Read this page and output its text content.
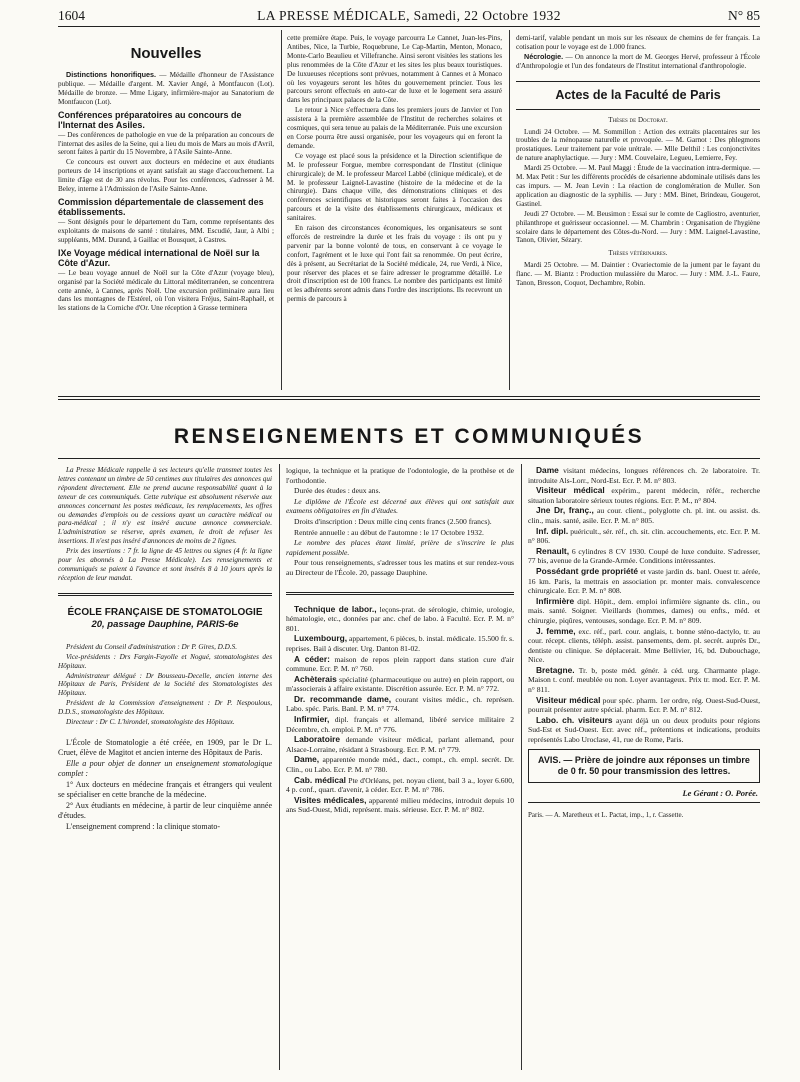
1604	LA PRESSE MÉDICALE, Samedi, 22 Octobre 1932	N° 85
Nouvelles

Distinctions honorifiques. — Médaille d'honneur de l'Assistance publique. — Médaille d'argent. M. Xavier Angé, à Montfaucon (Lot). Médaille de bronze. — Mme Ligary, infirmière-major au Sanatorium de Montfaucon (Lot).

Conférences préparatoires au concours de l'Internat des Asiles.

— Des conférences de pathologie en vue de la préparation au concours de l'internat des asiles de la Seine, qui a lieu du mois de Mars au mois d'Avril, seront faites à partir du 15 Novembre, à l'Asile Sainte-Anne.

Ce concours est ouvert aux docteurs en médecine et aux étudiants porteurs de 14 inscriptions et ayant satisfait au stage d'accouchement. La limite d'âge est de 30 ans révolus. Pour les conférences, s'adresser à M. Beley, interne à l'Admission de l'Asile Sainte-Anne.

Commission départementale de classement des établissements.

— Sont désignés pour le département du Tarn, comme représentants des exploitants de maisons de santé : titulaires, MM. Escudié, Jaur, à Albi ; suppléants, MM. Durand, à Gaillac et Bousquet, à Castres.

IXe Voyage médical international de Noël sur la Côte d'Azur.

— Le beau voyage annuel de Noël sur la Côte d'Azur (voyage bleu), organisé par la Société médicale du Littoral méditerranéen, se concentrera cette année, à Cannes, après Noël. Une excursion préliminaire aura lieu dans les montagnes de l'Estérel, où l'on visitera Fréjus, Saint-Raphaël, et les stations de la Corniche d'Or. Une réception à Grasse terminera

cette première étape. Puis, le voyage parcourra Le Cannet, Juan-les-Pins, Antibes, Nice, la Turbie, Roquebrune, Le Cap-Martin, Menton, Monaco, Monte-Carlo Beaulieu et Villefranche. Ainsi seront visitées les stations les plus renommées de la Côte d'Azur et les sites les plus beaux touristiques. De luxueuses réceptions sont prévues, notamment à Cannes et à Monaco où les voyageurs seront les hôtes du gouvernement princier. Tous les parcours seront effectués en auto-car de luxe et le logement sera assuré dans les principaux palaces de la Côte.

Le retour à Nice s'effectuera dans les premiers jours de Janvier et l'on assistera à la première assemblée de l'Institut de recherches solaires et cosmiques, qui sera tenue au palais de la Méditerranée. Puis une excursion en Corse pourra être aussi organisée, pour les voyageurs qui en feront la demande.

Ce voyage est placé sous la présidence et la Direction scientifique de M. le professeur Forgue, membre correspondant de l'Institut (clinique chirurgicale); de M. le professeur Marcel Labbé (clinique médicale), et de M. le professeur Laignel-Lavastine (histoire de la médecine et de la chirurgie). Dans chaque ville, des démonstrations cliniques et des conférences scientifiques et historiques seront faites à l'occasion des parcours et de la visite des établissements chirurgicaux, médicaux et sanitaires.

En raison des circonstances économiques, les organisateurs se sont efforcés de restreindre la durée et les frais du voyage : ils ont pu y parvenir par la bonne volonté de tous, en conservant à ce voyage le confort, l'agrément et le luxe qui l'ont fait sa renommée. On peut écrire, dès à présent, au Secrétariat de la Société médicale, 24, rue Verdi, à Nice, pour réserver des places et se faire adresser le programme détaillé. Le droit d'inscription est de 100 francs. Le nombre des participants est limité et les adhérents seront admis dans l'ordre des inscriptions. Ils recevront un permis de parcours à

demi-tarif, valable pendant un mois sur les réseaux de chemins de fer français. La cotisation pour le voyage est de 1.000 francs.

Nécrologie. — On annonce la mort de M. Georges Hervé, professeur à l'École d'Anthropologie et l'un des fondateurs de l'Institut international d'anthropologie.

Actes de la Faculté de Paris
Thèses de Doctorat.

Lundi 24 Octobre. — M. Sommillon : Action des extraits placentaires sur les troubles de la ménopause naturelle et provoquée. — M. Garnot : Des phlegmons prostatiques. Leur traitement par voie urétrale. — Mlle Delthil : Les conjonctivites de nature anaphylactique. — Jury : MM. Couvelaire, Legueu, Lemierre, Fey.

Mardi 25 Octobre. — M. Paul Maggi : Étude de la vaccination intra-dermique. — M. Max Petit : Sur les différents procédés de césarienne abdominale utilisés dans les cas impurs. — M. Jean Levin : La réaction de conglomération de Muller. Son application au diagnostic de la syphilis. — Jury : MM. Binet, Brindeau, Gougerot, Gastinel.

Jeudi 27 Octobre. — M. Beusimon : Essai sur le comte de Cagliostro, aventurier, philanthrope et guérisseur occasionnel. — M. Chambrin : Organisation de l'hygiène scolaire dans le département des Côtes-du-Nord. — Jury : MM. Laignel-Lavastine, Tanon, Olivier, Sézary.

Thèses vétérinaires.

Mardi 25 Octobre. — M. Daintier : Ovariectomie de la jument par le fayant du flanc. — M. Biantz : Production mulassière du Maroc. — Jury : MM. J.-L. Faure, Tanon, Bresson, Coquot, Dechambre, Robin.

RENSEIGNEMENTS ET COMMUNIQUÉS

La Presse Médicale rappelle à ses lecteurs qu'elle transmet toutes les lettres contenant un timbre de 50 centimes aux titulaires des annonces qui répondent directement. Elle ne prend aucune responsabilité quant à la teneur de ces communiqués. Cette rubrique est absolument réservée aux annonces concernant les postes médicaux, les remplacements, les offres ou demandes d'emplois ou de cessions ayant un caractère médical ou para-médical ; il n'y est inséré aucune annonce commerciale. L'administration se réserve, après examen, le droit de refuser les insertions. Il n'est pas inséré d'annonces de moins de 2 lignes.

Prix des insertions : 7 fr. la ligne de 45 lettres ou signes (4 fr. la ligne pour les abonnés à La Presse Médicale). Les renseignements et communiqués se paient à l'avance et sont insérés 8 à 10 jours après la réception de leur mandat.

ÉCOLE FRANÇAISE DE STOMATOLOGIE
20, passage Dauphine, PARIS-6e

Président du Conseil d'administration : Dr P. Gires, D.D.S.

Vice-présidents : Drs Fargin-Fayolle et Nogué, stomatologistes des Hôpitaux.

Administrateur délégué : Dr Bousseau-Decelle, ancien interne des Hôpitaux de Paris, Président de la Société des Stomatologistes des Hôpitaux.

Président de la Commission d'enseignement : Dr P. Nespoulous, D.D.S., stomatologiste des Hôpitaux.

Directeur : Dr C. L'hirondel, stomatologiste des Hôpitaux.

L'École de Stomatologie a été créée, en 1909, par le Dr L. Cruet, élève de Magitot et ancien interne des Hôpitaux de Paris.

Elle a pour objet de donner un enseignement stomatologique complet :

1° Aux docteurs en médecine français et étrangers qui veulent se spécialiser en cette branche de la médecine.

2° Aux étudiants en médecine, à partir de leur cinquième année d'études.

L'enseignement comprend : la clinique stomato-

logique, la technique et la pratique de l'odontologie, de la prothèse et de l'orthodontie.

Durée des études : deux ans.

Le diplôme de l'École est décerné aux élèves qui ont satisfait aux examens obligatoires en fin d'études.

Droits d'inscription : Deux mille cinq cents francs (2.500 francs).

Rentrée annuelle : au début de l'automne : le 17 Octobre 1932.

Le nombre des places étant limité, prière de s'inscrire le plus rapidement possible.

Pour tous renseignements, s'adresser tous les matins et sur rendez-vous au Directeur de l'École. 20, passage Dauphine.

Technique de labor., leçons-prat. de sérologie, chimie, urologie, hématologie, etc., données par anc. chef de labo. à Faculté. Ecr. P. M. n° 801.

Luxembourg, appartement, 6 pièces, b. instal. médicale. 15.500 fr. s. reprises. Bail à discuter. Urg. Danton 81-02.

A céder: maison de repos plein rapport dans station cure d'air commune. Ecr. P. M. n° 760.

Achèterais spécialité (pharmaceutique ou autre) en plein rapport, ou m'associerais à affaire existante. Discrétion assurée. Ecr. P. M. n° 772.

Dr. recommande dame, courant visites médic., ch. représen. Labo. spéc. Paris. Banl. P. M. n° 774.

Infirmier, dipl. français et allemand, libéré service militaire 2 Décembre, ch. emploi. P. M. n° 776.

Laboratoire demande visiteur médical, parlant allemand, pour Alsace-Lorraine, résidant à Strasbourg. Ecr. P. M. n° 779.

Dame, apparentée monde méd., dact., compt., ch. empl. secrét. Dr. Clin., ou Labo. Ecr. P. M. n° 780.

Cab. médical Pte d'Orléans, pet. noyau client, bail 3 a., loyer 6.600, 4 p. conf., quart. d'avenir, à céder. Ecr. P. M. n° 786.

Visites médicales, apparenté milieu médecins, introduit depuis 10 ans Sud-Ouest, Midi, représent. mais. sérieuse. Ecr. P. M. n° 802.

Dame visitant médecins, longues références ch. 2e laboratoire. Tr. introduite Als-Lorr., Nord-Est. Ecr. P. M. n° 803.

Visiteur médical expérim., parent médecin, référ., recherche situation laboratoire sérieux toutes régions. Ecr. P. M., n° 804.

Jne Dr, franç., au cour. client., polyglotte ch. pl. int. ou assist. ds. clin., mais. santé, asile. Ecr. P. M. n° 805.

Inf. dipl. puéricult., sér. réf., ch. sit. clin. accouchements, etc. Ecr. P. M. n° 806.

Renault, 6 cylindres 8 CV 1930. Coupé de luxe conduite. S'adresser, 77 bis, avenue de la Grande-Armée. Conditions intéressantes.

Possédant grde propriété et vaste jardin ds. banl. Ouest tr. aérée, 16 km. Paris, la mettrais en association pr. monter mais. convalescence chirurgicale. Ecr. P. M. n° 808.

Infirmière dipl. Hôpit., dem. emploi infirmière signante ds. clin., ou mais. santé. Soigner. Vieillards (hommes, dames) ou enfts., méd. et chirurgie, piqûres, ventouses, sondage. Ecr. P. M. n° 809.

J. femme, exc. réf., parl. cour. anglais, t. bonne sténo-dactylo, tr. au cour. récept. clients, téléph. assist. pansements, dem. pl. secrét. auprès Dr., dentiste ou clinique. Se déplacerait. Mme Bellivier, 16, bd. Dubouchage, Nice.

Bretagne. Tr. b, poste méd. génér. à céd. urg. Charmante plage. Maison t. conf. meublée ou non. Loyer avantageux. Prix tr. mod. Ecr. P. M. n° 811.

Visiteur médical pour spéc. pharm. 1er ordre, rég. Ouest-Sud-Ouest, pourrait présenter autre spécial. pharm. Ecr. P. M. n° 812.

Labo. ch. visiteurs ayant déjà un ou deux produits pour régions Sud-Est et Sud-Ouest. Ecr. avec réf., prétentions et indications, produits représentés Labo Uroclase, 41, rue de Rome, Paris.

AVIS. — Prière de joindre aux réponses un timbre de 0 fr. 50 pour transmission des lettres.
Le Gérant : O. Porée.
Paris. — A. Maretheux et L. Pactat, imp., 1, r. Cassette.
